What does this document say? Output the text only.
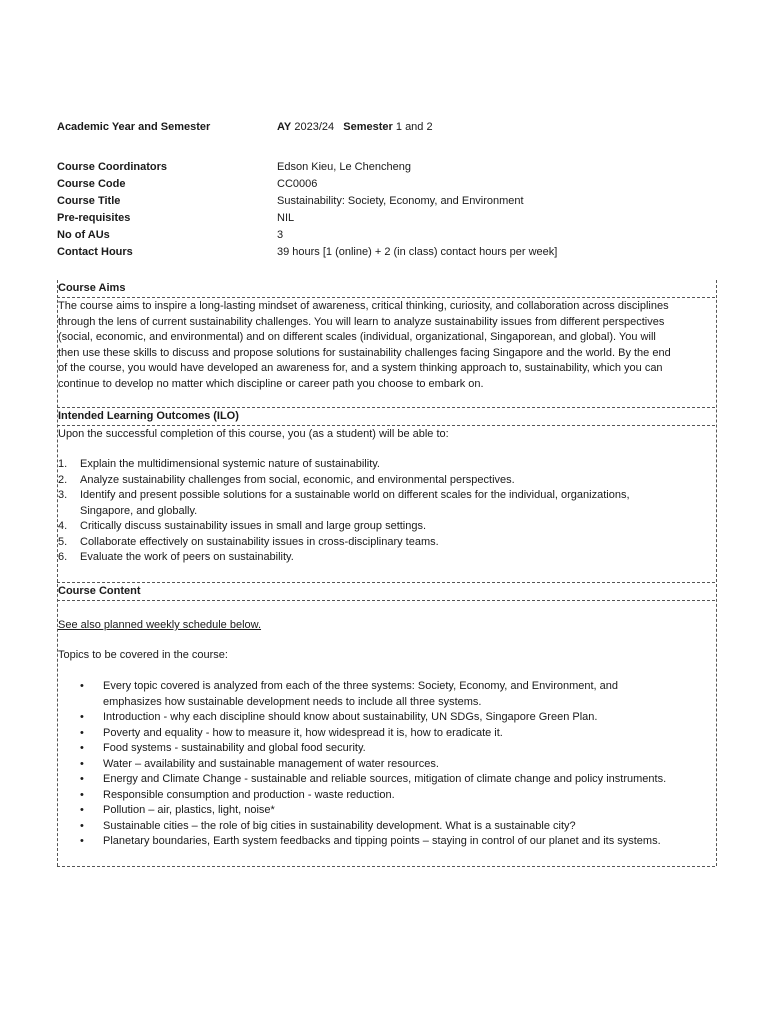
Academic Year and Semester	AY 2023/24 Semester 1 and 2
Course Coordinators	Edson Kieu, Le Chencheng
Course Code	CC0006
Course Title	Sustainability: Society, Economy, and Environment
Pre-requisites	NIL
No of AUs	3
Contact Hours	39 hours [1 (online) + 2 (in class) contact hours per week]
Course Aims
The course aims to inspire a long-lasting mindset of awareness, critical thinking, curiosity, and collaboration across disciplines
through the lens of current sustainability challenges. You will learn to analyze sustainability issues from different perspectives
(social, economic, and environmental) and on different scales (individual, organizational, Singaporean, and global). You will
then use these skills to discuss and propose solutions for sustainability challenges facing Singapore and the world. By the end
of the course, you would have developed an awareness for, and a system thinking approach to, sustainability, which you can
continue to develop no matter which discipline or career path you choose to embark on.
Intended Learning Outcomes (ILO)
Upon the successful completion of this course, you (as a student) will be able to:
1.	Explain the multidimensional systemic nature of sustainability.
2.	Analyze sustainability challenges from social, economic, and environmental perspectives.
3.	Identify and present possible solutions for a sustainable world on different scales for the individual, organizations,
Singapore, and globally.
4.	Critically discuss sustainability issues in small and large group settings.
5.	Collaborate effectively on sustainability issues in cross-disciplinary teams.
6.	Evaluate the work of peers on sustainability.
Course Content
See also planned weekly schedule below.
Topics to be covered in the course:
• Every topic covered is analyzed from each of the three systems: Society, Economy, and Environment, and
emphasizes how sustainable development needs to include all three systems.
• Introduction - why each discipline should know about sustainability, UN SDGs, Singapore Green Plan.
• Poverty and equality - how to measure it, how widespread it is, how to eradicate it.
• Food systems - sustainability and global food security.
• Water – availability and sustainable management of water resources.
• Energy and Climate Change - sustainable and reliable sources, mitigation of climate change and policy instruments.
• Responsible consumption and production - waste reduction.
• Pollution – air, plastics, light, noise*
• Sustainable cities – the role of big cities in sustainability development. What is a sustainable city?
• Planetary boundaries, Earth system feedbacks and tipping points – staying in control of our planet and its systems.
